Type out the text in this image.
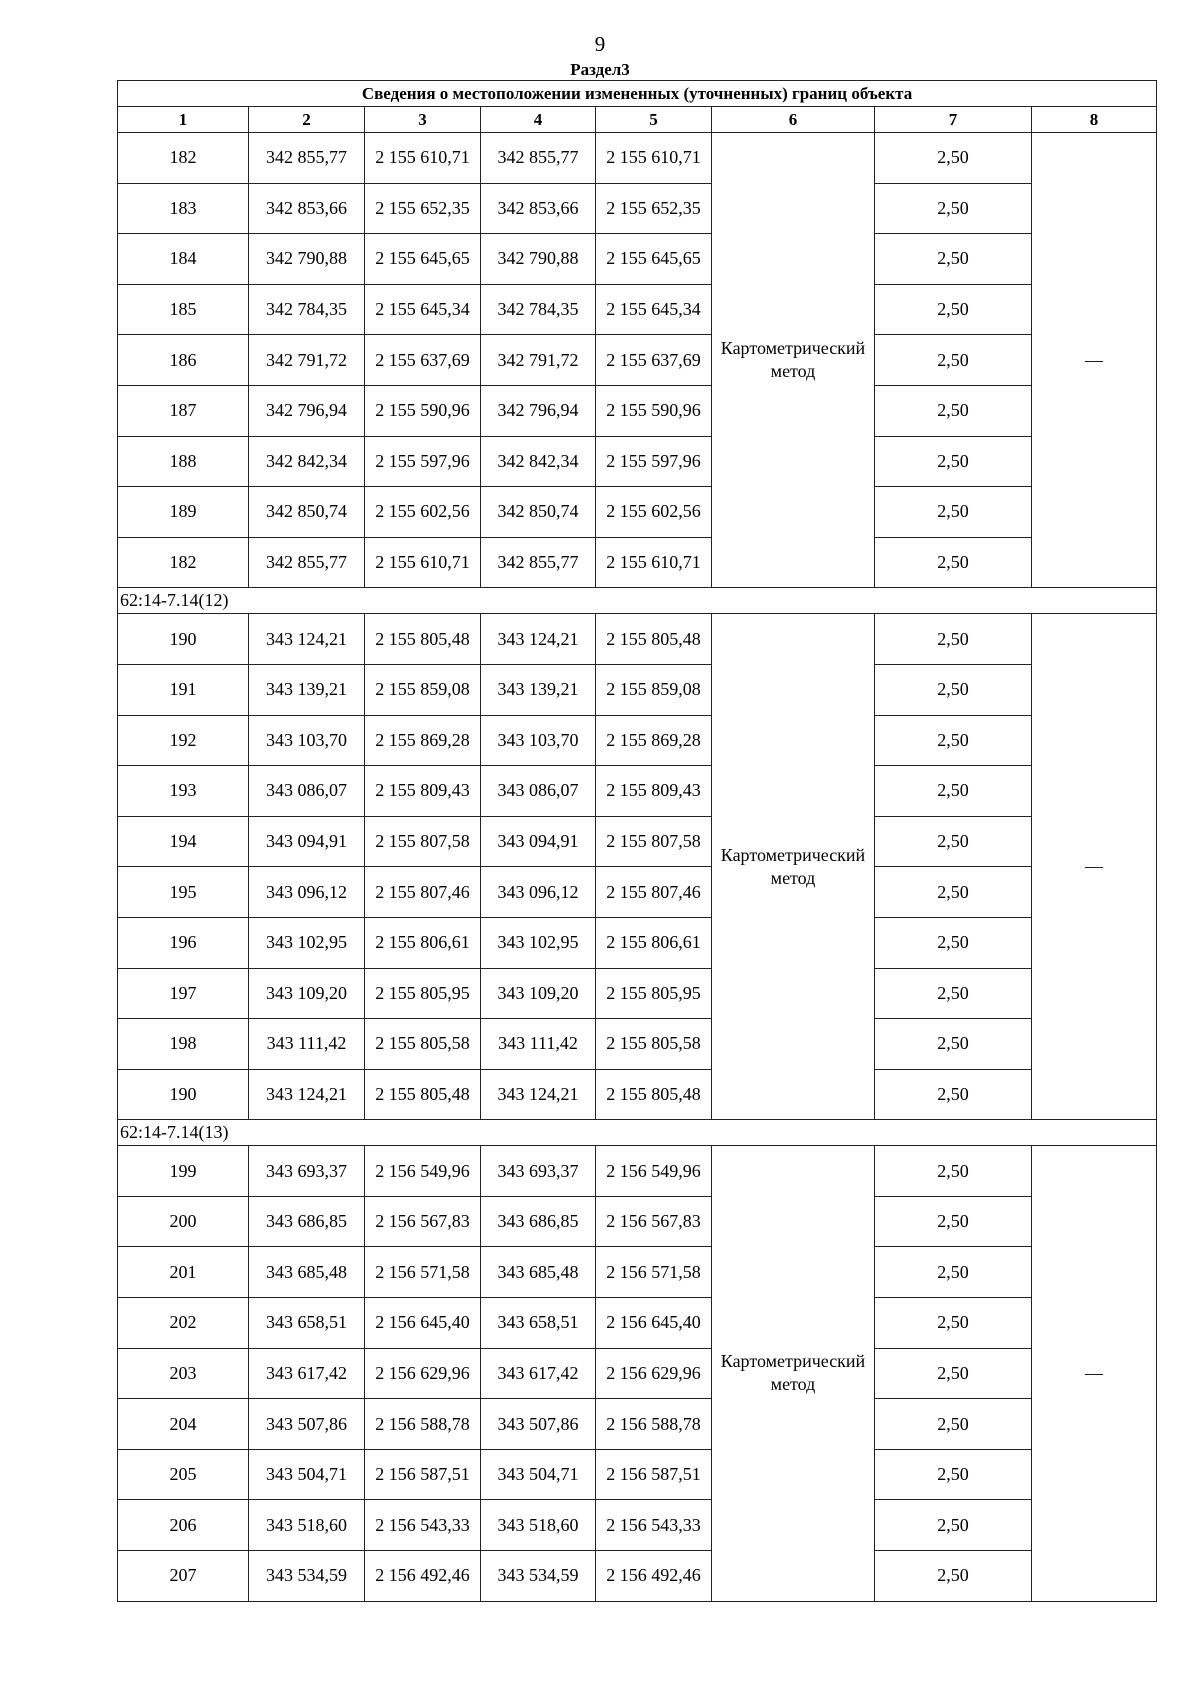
9
Раздел3
Сведения о местоположении измененных (уточненных) границ объекта							
1	2	3	4	5	6	7	8
182	342 855,77	2 155 610,71	342 855,77	2 155 610,71	Картометрический метод	2,50	—
183	342 853,66	2 155 652,35	342 853,66	2 155 652,35		2,50	
184	342 790,88	2 155 645,65	342 790,88	2 155 645,65		2,50	
185	342 784,35	2 155 645,34	342 784,35	2 155 645,34		2,50	
186	342 791,72	2 155 637,69	342 791,72	2 155 637,69		2,50	
187	342 796,94	2 155 590,96	342 796,94	2 155 590,96		2,50	
188	342 842,34	2 155 597,96	342 842,34	2 155 597,96		2,50	
189	342 850,74	2 155 602,56	342 850,74	2 155 602,56		2,50	
182	342 855,77	2 155 610,71	342 855,77	2 155 610,71		2,50	
62:14-7.14(12)							
190	343 124,21	2 155 805,48	343 124,21	2 155 805,48	Картометрический метод	2,50	—
191	343 139,21	2 155 859,08	343 139,21	2 155 859,08		2,50	
192	343 103,70	2 155 869,28	343 103,70	2 155 869,28		2,50	
193	343 086,07	2 155 809,43	343 086,07	2 155 809,43		2,50	
194	343 094,91	2 155 807,58	343 094,91	2 155 807,58		2,50	
195	343 096,12	2 155 807,46	343 096,12	2 155 807,46		2,50	
196	343 102,95	2 155 806,61	343 102,95	2 155 806,61		2,50	
197	343 109,20	2 155 805,95	343 109,20	2 155 805,95		2,50	
198	343 111,42	2 155 805,58	343 111,42	2 155 805,58		2,50	
190	343 124,21	2 155 805,48	343 124,21	2 155 805,48		2,50	
62:14-7.14(13)							
199	343 693,37	2 156 549,96	343 693,37	2 156 549,96	Картометрический метод	2,50	—
200	343 686,85	2 156 567,83	343 686,85	2 156 567,83		2,50	
201	343 685,48	2 156 571,58	343 685,48	2 156 571,58		2,50	
202	343 658,51	2 156 645,40	343 658,51	2 156 645,40		2,50	
203	343 617,42	2 156 629,96	343 617,42	2 156 629,96		2,50	
204	343 507,86	2 156 588,78	343 507,86	2 156 588,78		2,50	
205	343 504,71	2 156 587,51	343 504,71	2 156 587,51		2,50	
206	343 518,60	2 156 543,33	343 518,60	2 156 543,33		2,50	
207	343 534,59	2 156 492,46	343 534,59	2 156 492,46		2,50	
